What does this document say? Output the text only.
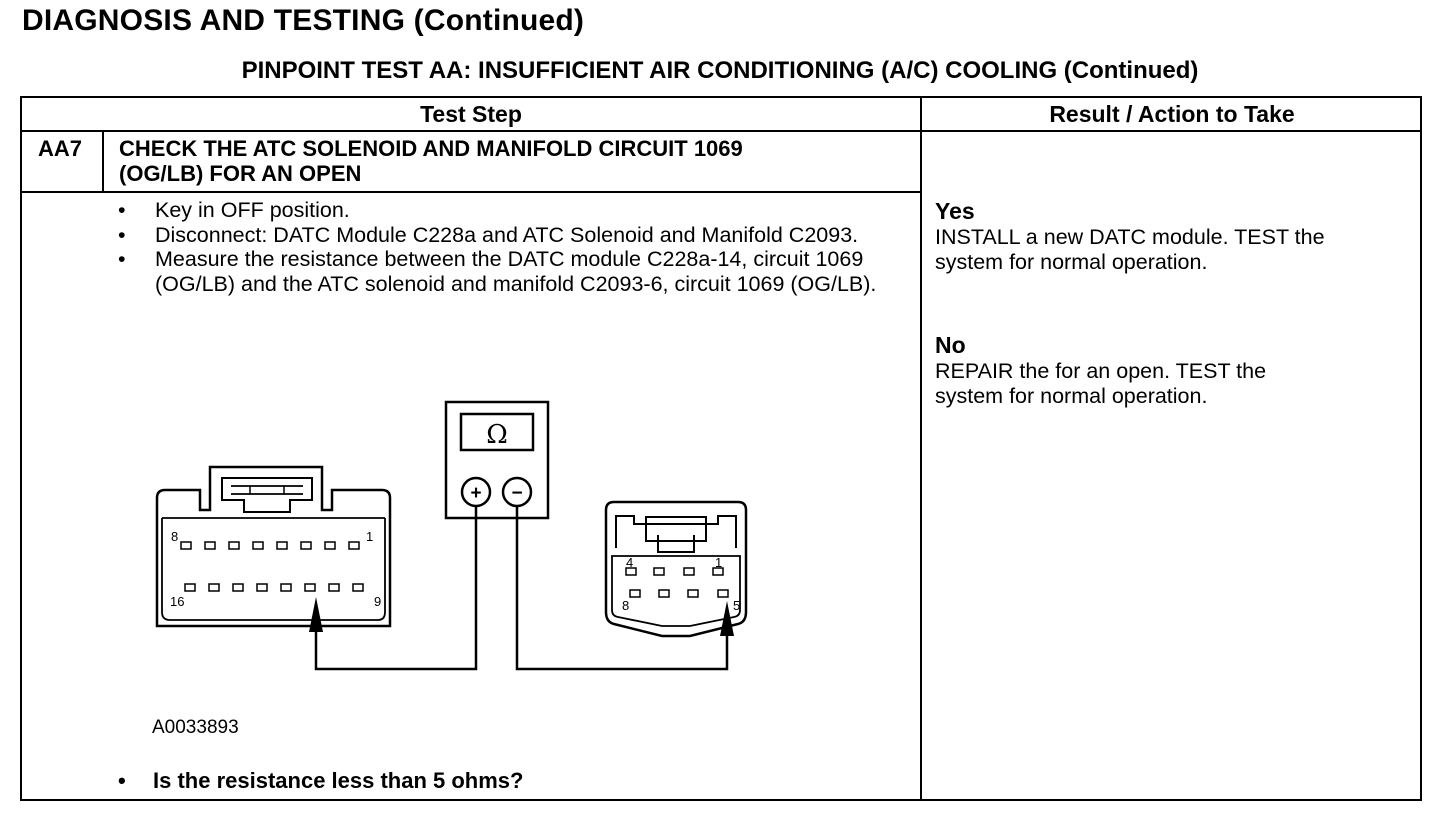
DIAGNOSIS AND TESTING (Continued)
PINPOINT TEST AA: INSUFFICIENT AIR CONDITIONING (A/C) COOLING (Continued)
Test Step	Result / Action to Take
AA7 CHECK THE ATC SOLENOID AND MANIFOLD CIRCUIT 1069
(OG/LB) FOR AN OPEN
• Key in OFF position.
• Disconnect: DATC Module C228a and ATC Solenoid and Manifold C2093.
• Measure the resistance between the DATC module C228a-14, circuit 1069 (OG/LB) and the ATC solenoid and manifold C2093-6, circuit 1069 (OG/LB).
Ω
+ −
8	1
16	9
4	1
8	5
A0033893
• Is the resistance less than 5 ohms?
Yes
INSTALL a new DATC module. TEST the
system for normal operation.
No
REPAIR the for an open. TEST the
system for normal operation.
